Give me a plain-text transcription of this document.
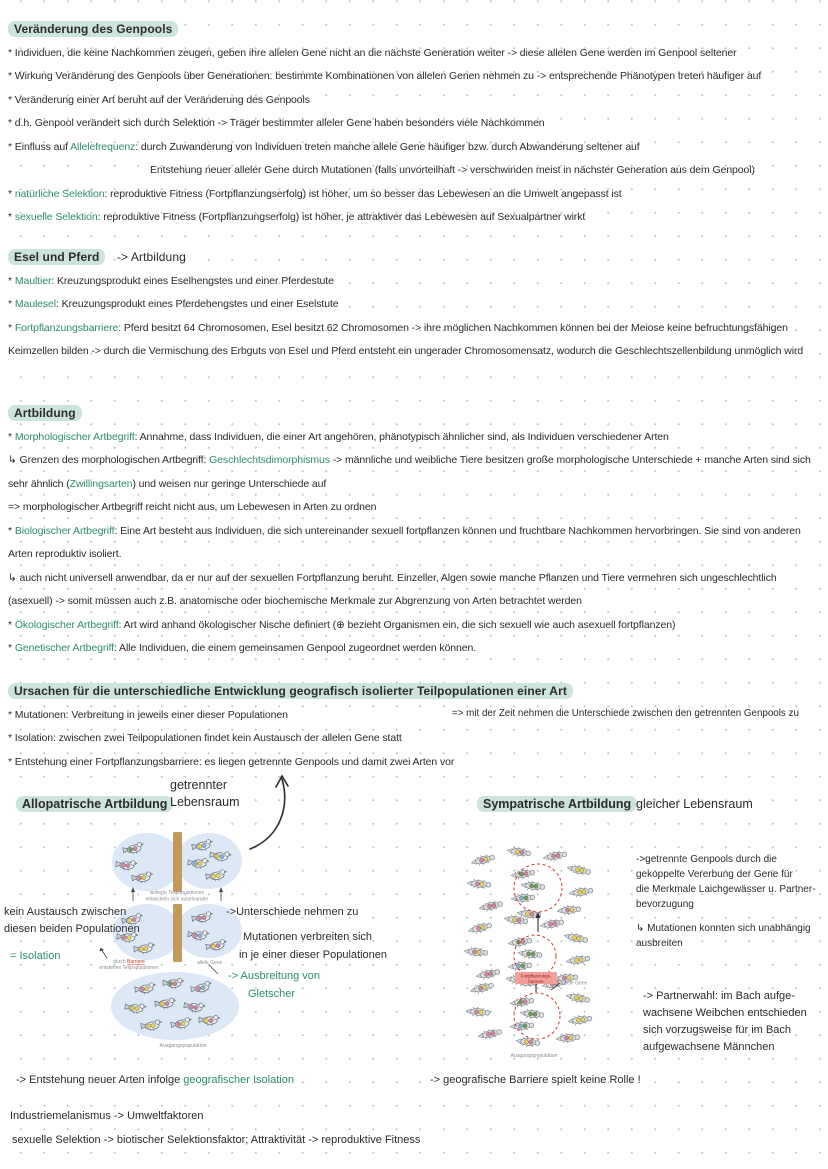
Veränderung des Genpools
* Individuen, die keine Nachkommen zeugen, geben ihre allelen Gene nicht an die nächste Generation weiter -> diese allelen Gene werden im Genpool seltener
* Wirkung Veränderung des Genpools über Generationen: bestimmte Kombinationen von allelen Genen nehmen zu -> entsprechende Phänotypen treten häufiger auf
* Veränderung einer Art beruht auf der Veränderung des Genpools
* d.h. Genpool verändert sich durch Selektion -> Träger bestimmter alleler Gene haben besonders viele Nachkommen
* Einfluss auf Allelefrequenz: durch Zuwanderung von Individuen treten manche allele Gene häufiger bzw. durch Abwanderung seltener auf
Entstehung neuer alleler Gene durch Mutationen (falls unvorteilhaft -> verschwinden meist in nächster Generation aus dem Genpool)
* natürliche Selektion: reproduktive Fitness (Fortpflanzungserfolg) ist höher, um so besser das Lebewesen an die Umwelt angepasst ist
* sexuelle Selektion: reproduktive Fitness (Fortpflanzungserfolg) ist höher, je attraktiver das Lebewesen auf Sexualpartner wirkt
Esel und Pferd -> Artbildung
* Maultier: Kreuzungsprodukt eines Eselhengstes und einer Pferdestute
* Maulesel: Kreuzungsprodukt eines Pferdehengstes und einer Eselstute
* Fortpflanzungsbarriere: Pferd besitzt 64 Chromosomen, Esel besitzt 62 Chromosomen -> ihre möglichen Nachkommen können bei der Meiose keine befruchtungsfähigen Keimzellen bilden -> durch die Vermischung des Erbguts von Esel und Pferd entsteht ein ungerader Chromosomensatz, wodurch die Geschlechtszellenbildung unmöglich wird
Artbildung
* Morphologischer Artbegriff: Annahme, dass Individuen, die einer Art angehören, phänotypisch ähnlicher sind, als Individuen verschiedener Arten
↳ Grenzen des morphologischen Artbegriff: Geschlechtsdimorphismus -> männliche und weibliche Tiere besitzen große morphologische Unterschiede + manche Arten sind sich sehr ähnlich (Zwillingsarten) und weisen nur geringe Unterschiede auf
=> morphologischer Artbegriff reicht nicht aus, um Lebewesen in Arten zu ordnen
* Biologischer Artbegriff: Eine Art besteht aus Individuen, die sich untereinander sexuell fortpflanzen können und fruchtbare Nachkommen hervorbringen. Sie sind von anderen Arten reproduktiv isoliert.
↳ auch nicht universell anwendbar, da er nur auf der sexuellen Fortpflanzung beruht. Einzeller, Algen sowie manche Pflanzen und Tiere vermehren sich ungeschlechtlich (asexuell) -> somit müssen auch z.B. anatomische oder biochemische Merkmale zur Abgrenzung von Arten betrachtet werden
* Ökologischer Artbegriff: Art wird anhand ökologischer Nische definiert (⊕ bezieht Organismen ein, die sich sexuell wie auch asexuell fortpflanzen)
* Genetischer Artbegriff: Alle Individuen, die einem gemeinsamen Genpool zugeordnet werden können.
Ursachen für die unterschiedliche Entwicklung geografisch isolierter Teilpopulationen einer Art
* Mutationen: Verbreitung in jeweils einer dieser Populationen
* Isolation: zwischen zwei Teilpopulationen findet kein Austausch der allelen Gene statt
* Entstehung einer Fortpflanzungsbarriere: es liegen getrennte Genpools und damit zwei Arten vor
=> mit der Zeit nehmen die Unterschiede zwischen den getrennten Genpools zu
Allopatrische Artbildung
getrennter
Lebensraum
isolierte Teilpopulationen
entwickeln sich auseinander
durch Barriere
entstehen Teilpopulationen
allele Gene
Ausgangspopulation
kein Austausch zwischen
diesen beiden Populationen
= Isolation
->Unterschiede nehmen zu
Mutationen verbreiten sich
in je einer dieser Populationen
-> Ausbreitung von
Gletscher
-> Entstehung neuer Arten infolge geografischer Isolation
Sympatrische Artbildung gleicher Lebensraum
Fortpflanzungs-
barriere	allele Gene
Ausgangspopulation
->getrennte Genpools durch die
gekoppelte Vererbung der Gene für
die Merkmale Laichgewässer u. Partner-
bevorzugung
↳ Mutationen konnten sich unabhängig
ausbreiten
-> Partnerwahl: im Bach aufge-
wachsene Weibchen entschieden
sich vorzugsweise für im Bach
aufgewachsene Männchen
-> geografische Barriere spielt keine Rolle !
Industriemelanismus -> Umweltfaktoren
sexuelle Selektion -> biotischer Selektionsfaktor; Attraktivität -> reproduktive Fitness
